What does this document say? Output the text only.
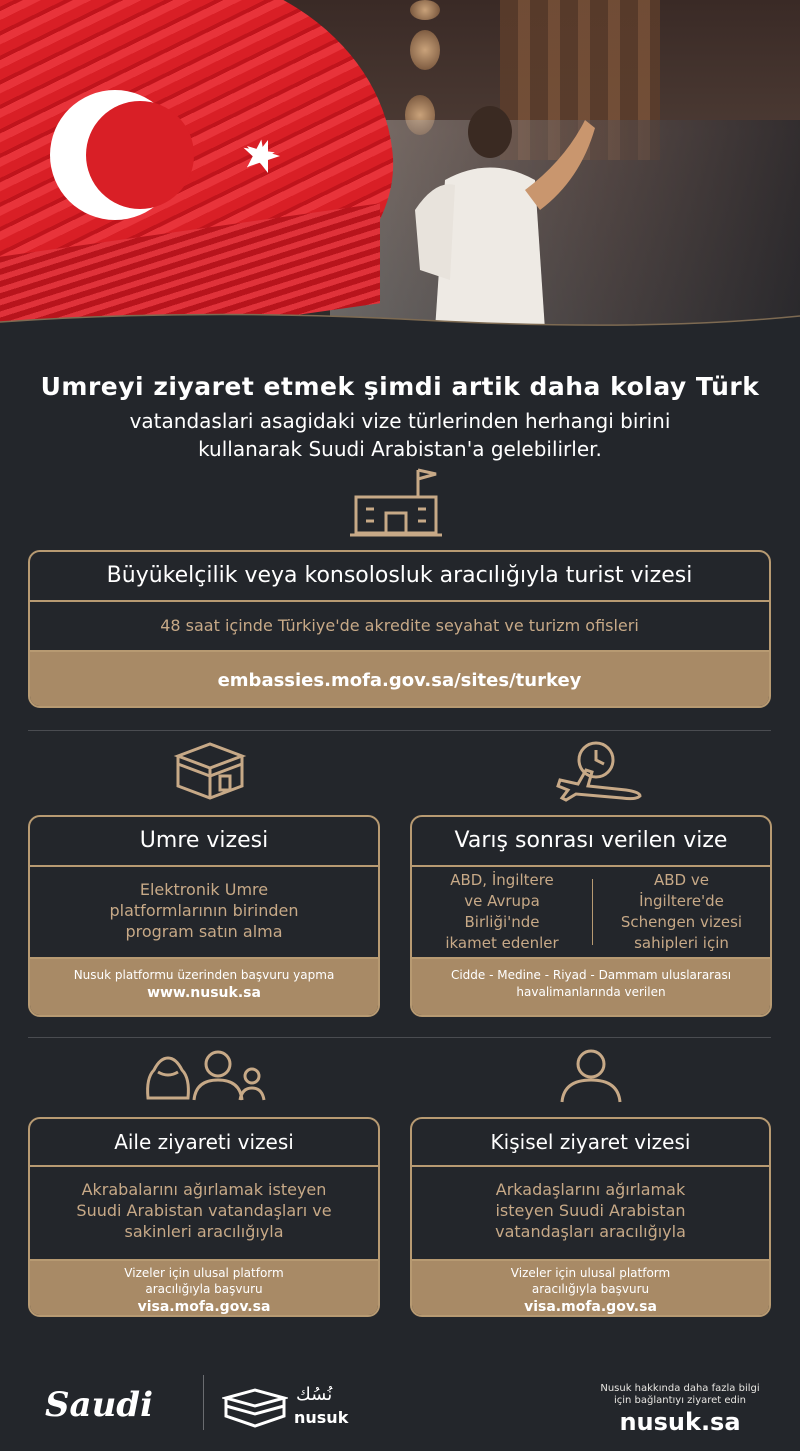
Umreyi ziyaret etmek şimdi artik daha kolay Türk
vatandaslari asagidaki vize türlerinden herhangi birini
kullanarak Suudi Arabistan'a gelebilirler.
Büyükelçilik veya konsolosluk aracılığıyla turist vizesi
48 saat içinde Türkiye'de akredite seyahat ve turizm ofisleri
embassies.mofa.gov.sa/sites/turkey
Umre vizesi
Elektronik Umre
platformlarının birinden
program satın alma
Nusuk platformu üzerinden başvuru yapma
www.nusuk.sa
Varış sonrası verilen vize
ABD, İngiltere
ve Avrupa
Birliği'nde
ikamet edenler
ABD ve
İngiltere'de
Schengen vizesi
sahipleri için
Cidde - Medine - Riyad - Dammam uluslararası
havalimanlarında verilen
Aile ziyareti vizesi
Akrabalarını ağırlamak isteyen
Suudi Arabistan vatandaşları ve
sakinleri aracılığıyla
Vizeler için ulusal platform
aracılığıyla başvuru
visa.mofa.gov.sa
Kişisel ziyaret vizesi
Arkadaşlarını ağırlamak
isteyen Suudi Arabistan
vatandaşları aracılığıyla
Vizeler için ulusal platform
aracılığıyla başvuru
visa.mofa.gov.sa
Saudi	نُسُك
nusuk
Nusuk hakkında daha fazla bilgi
için bağlantıyı ziyaret edin
nusuk.sa
